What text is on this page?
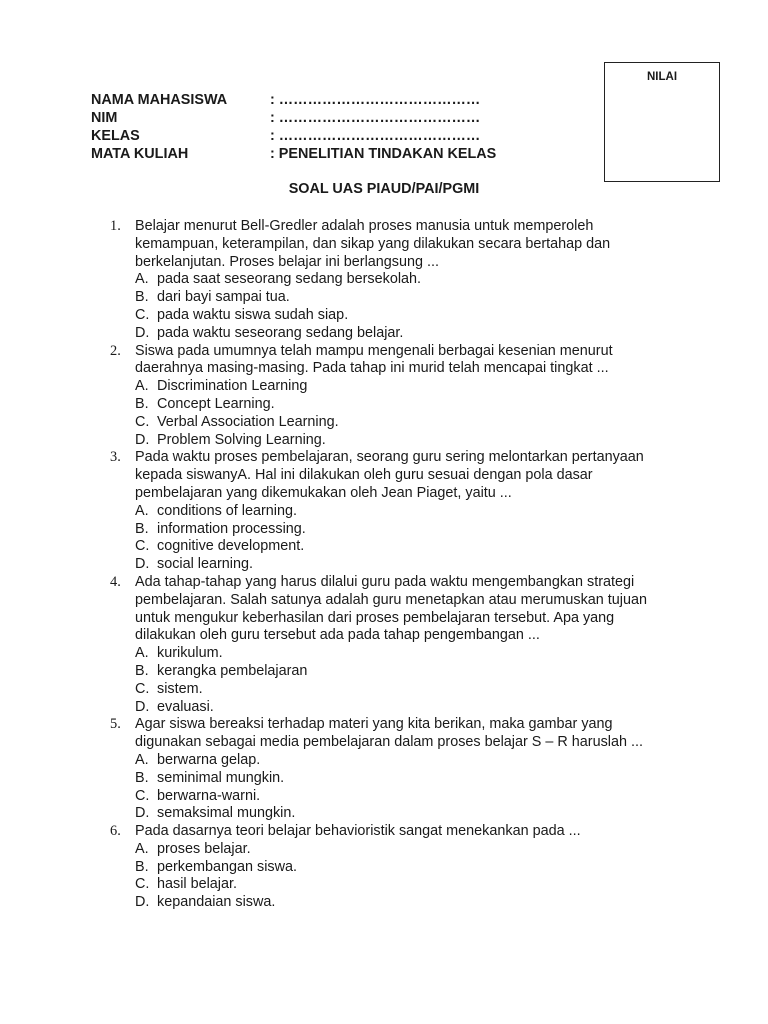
NILAI
NAMA MAHASISWA	: ……………………………………
NIM	: ……………………………………
KELAS	: ……………………………………
MATA KULIAH	: PENELITIAN TINDAKAN KELAS
SOAL UAS PIAUD/PAI/PGMI
1. Belajar menurut Bell-Gredler adalah proses manusia untuk memperoleh
kemampuan, keterampilan, dan sikap yang dilakukan secara bertahap dan
berkelanjutan. Proses belajar ini berlangsung ...
A. pada saat seseorang sedang bersekolah.
B. dari bayi sampai tua.
C. pada waktu siswa sudah siap.
D. pada waktu seseorang sedang belajar.
2. Siswa pada umumnya telah mampu mengenali berbagai kesenian menurut
daerahnya masing-masing. Pada tahap ini murid telah mencapai tingkat ...
A. Discrimination Learning
B. Concept Learning.
C. Verbal Association Learning.
D. Problem Solving Learning.
3. Pada waktu proses pembelajaran, seorang guru sering melontarkan pertanyaan
kepada siswanyA. Hal ini dilakukan oleh guru sesuai dengan pola dasar
pembelajaran yang dikemukakan oleh Jean Piaget, yaitu ...
A. conditions of learning.
B. information processing.
C. cognitive development.
D. social learning.
4. Ada tahap-tahap yang harus dilalui guru pada waktu mengembangkan strategi
pembelajaran. Salah satunya adalah guru menetapkan atau merumuskan tujuan
untuk mengukur keberhasilan dari proses pembelajaran tersebut. Apa yang
dilakukan oleh guru tersebut ada pada tahap pengembangan ...
A. kurikulum.
B. kerangka pembelajaran
C. sistem.
D. evaluasi.
5. Agar siswa bereaksi terhadap materi yang kita berikan, maka gambar yang
digunakan sebagai media pembelajaran dalam proses belajar S – R haruslah ...
A. berwarna gelap.
B. seminimal mungkin.
C. berwarna-warni.
D. semaksimal mungkin.
6. Pada dasarnya teori belajar behavioristik sangat menekankan pada ...
A. proses belajar.
B. perkembangan siswa.
C. hasil belajar.
D. kepandaian siswa.
